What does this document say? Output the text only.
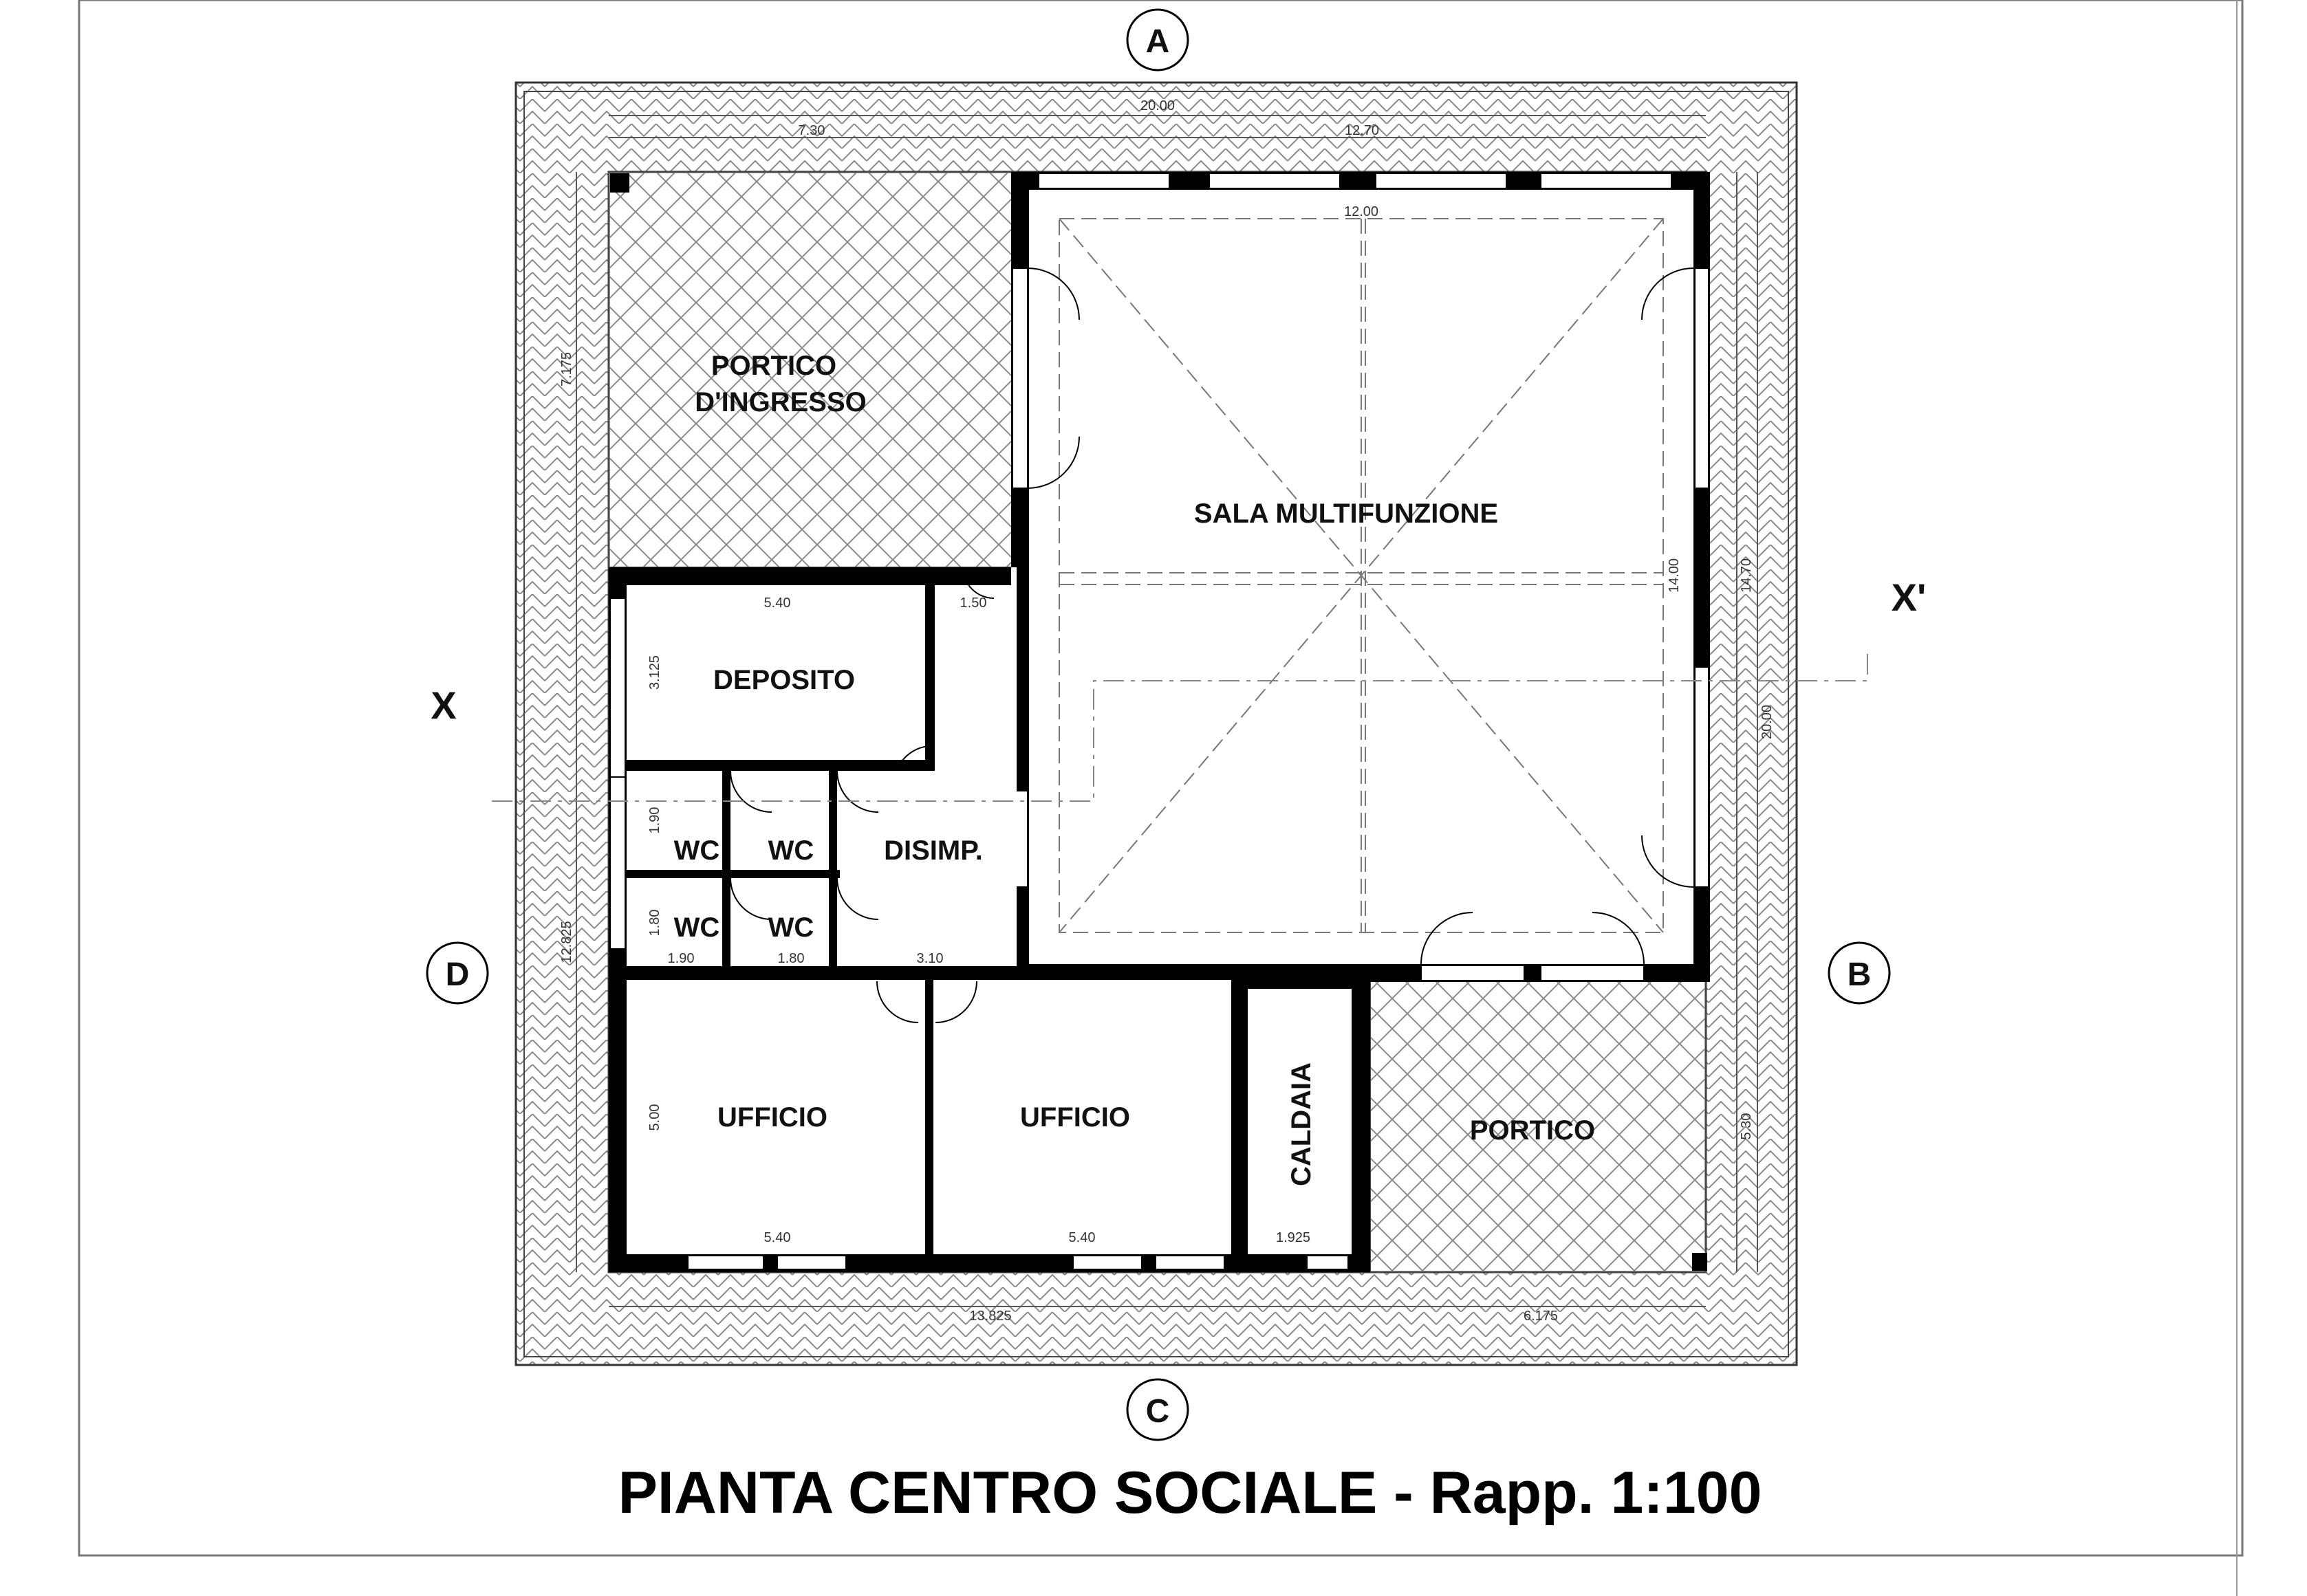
A
B
C
D
X
X'
PORTICO
D'INGRESSO
SALA MULTIFUNZIONE
DEPOSITO
WC WC
WC WC
DISIMP.
UFFICIO	UFFICIO	CALDAIA	PORTICO
20.00
7.30	12.70
12.00
14.00	14.70
20.00
5.30
7.175
12.825
5.40	1.50
3.125
1.90
1.80
1.90	1.80	3.10
5.00
5.40	5.40	1.925
13.825	6.175
PIANTA CENTRO SOCIALE - Rapp. 1:100
